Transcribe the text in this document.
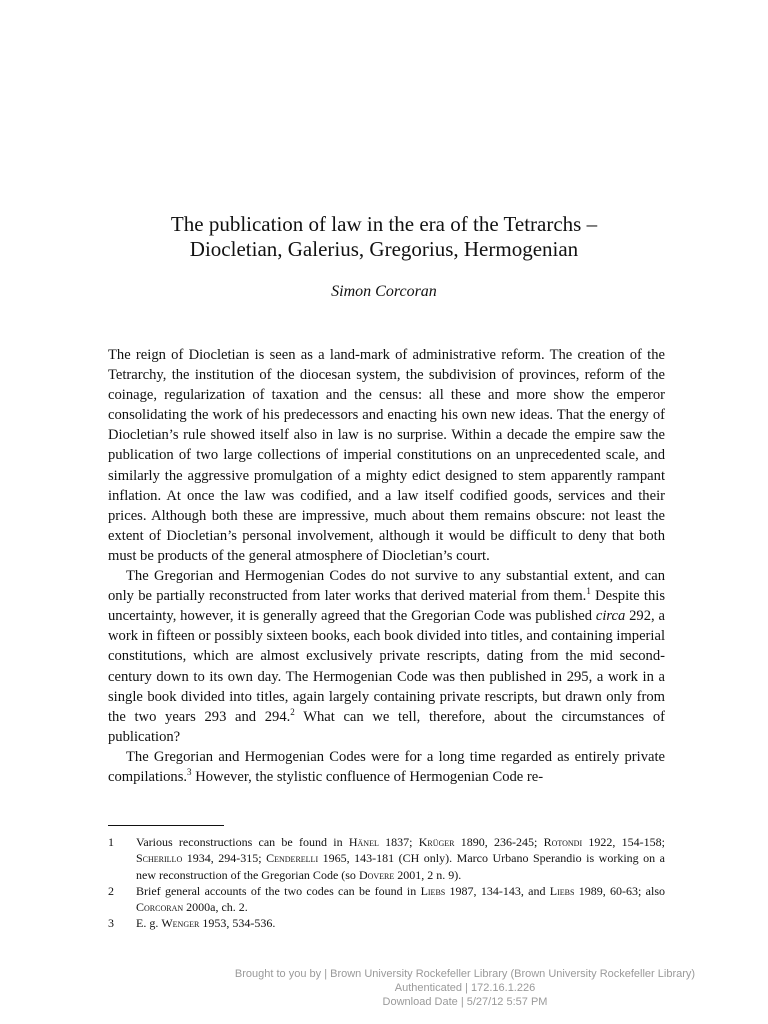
The publication of law in the era of the Tetrarchs –
Diocletian, Galerius, Gregorius, Hermogenian
Simon Corcoran

The reign of Diocletian is seen as a land-mark of administrative reform. The creation of the Tetrarchy, the institution of the diocesan system, the subdivision of provinces, reform of the coinage, regularization of taxation and the census: all these and more show the emperor consolidating the work of his predecessors and enacting his own new ideas. That the energy of Diocletian’s rule showed itself also in law is no surprise. Within a decade the empire saw the publication of two large collections of imperial constitutions on an unprecedented scale, and similarly the aggressive promulgation of a mighty edict designed to stem apparently rampant inflation. At once the law was codified, and a law itself codified goods, services and their prices. Although both these are impressive, much about them remains obscure: not least the extent of Diocletian’s personal involvement, although it would be difficult to deny that both must be products of the general atmosphere of Diocletian’s court.

The Gregorian and Hermogenian Codes do not survive to any substantial extent, and can only be partially reconstructed from later works that derived material from them.$^1$ Despite this uncertainty, however, it is generally agreed that the Gregorian Code was published circa 292, a work in fifteen or possibly sixteen books, each book divided into titles, and containing imperial constitutions, which are almost exclusively private rescripts, dating from the mid second-century down to its own day. The Hermogenian Code was then published in 295, a work in a single book divided into titles, again largely containing private rescripts, but drawn only from the two years 293 and 294.$^2$ What can we tell, therefore, about the circumstances of publication?

The Gregorian and Hermogenian Codes were for a long time regarded as entirely private compilations.$^3$ However, the stylistic confluence of Hermogenian Code re-

1	Various reconstructions can be found in Hänel 1837; Krüger 1890, 236-245; Rotondi 1922, 154-158; Scherillo 1934, 294-315; Cenderelli 1965, 143-181 (CH only). Marco Urbano Sperandio is working on a new reconstruction of the Gregorian Code (so Dovere 2001, 2 n. 9).
2	Brief general accounts of the two codes can be found in Liebs 1987, 134-143, and Liebs 1989, 60-63; also Corcoran 2000a, ch. 2.
3	E. g. Wenger 1953, 534-536.
Brought to you by | Brown University Rockefeller Library (Brown University Rockefeller Library)
Authenticated | 172.16.1.226
Download Date | 5/27/12 5:57 PM
